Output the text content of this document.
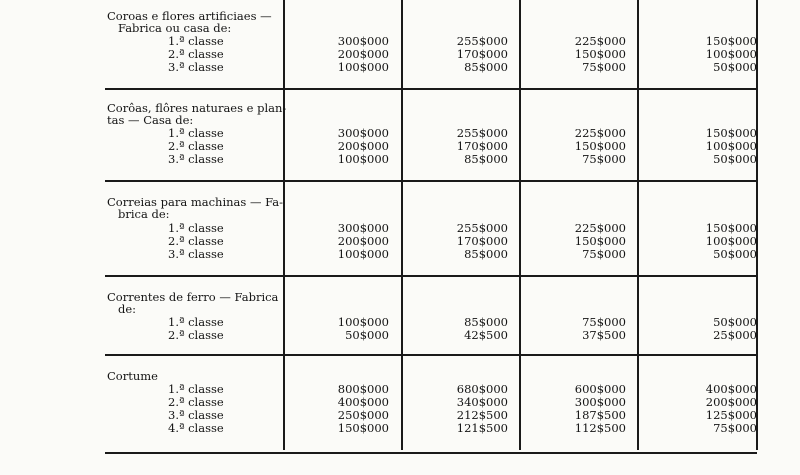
Coroas e flores artificiaes —
Fabrica ou casa de:
1.ª classe	300$000	255$000	225$000	150$000
2.ª classe	200$000	170$000	150$000	100$000
3.ª classe	100$000	85$000	75$000	50$000
Corôas, flôres naturaes e plan-
tas — Casa de:
1.ª classe	300$000	255$000	225$000	150$000
2.ª classe	200$000	170$000	150$000	100$000
3.ª classe	100$000	85$000	75$000	50$000
Correias para machinas — Fa-
brica de:
1.ª classe	300$000	255$000	225$000	150$000
2.ª classe	200$000	170$000	150$000	100$000
3.ª classe	100$000	85$000	75$000	50$000
Correntes de ferro — Fabrica
de:
1.ª classe	100$000	85$000	75$000	50$000
2.ª classe	50$000	42$500	37$500	25$000
Cortume
1.ª classe	800$000	680$000	600$000	400$000
2.ª classe	400$000	340$000	300$000	200$000
3.ª classe	250$000	212$500	187$500	125$000
4.ª classe	150$000	121$500	112$500	75$000
